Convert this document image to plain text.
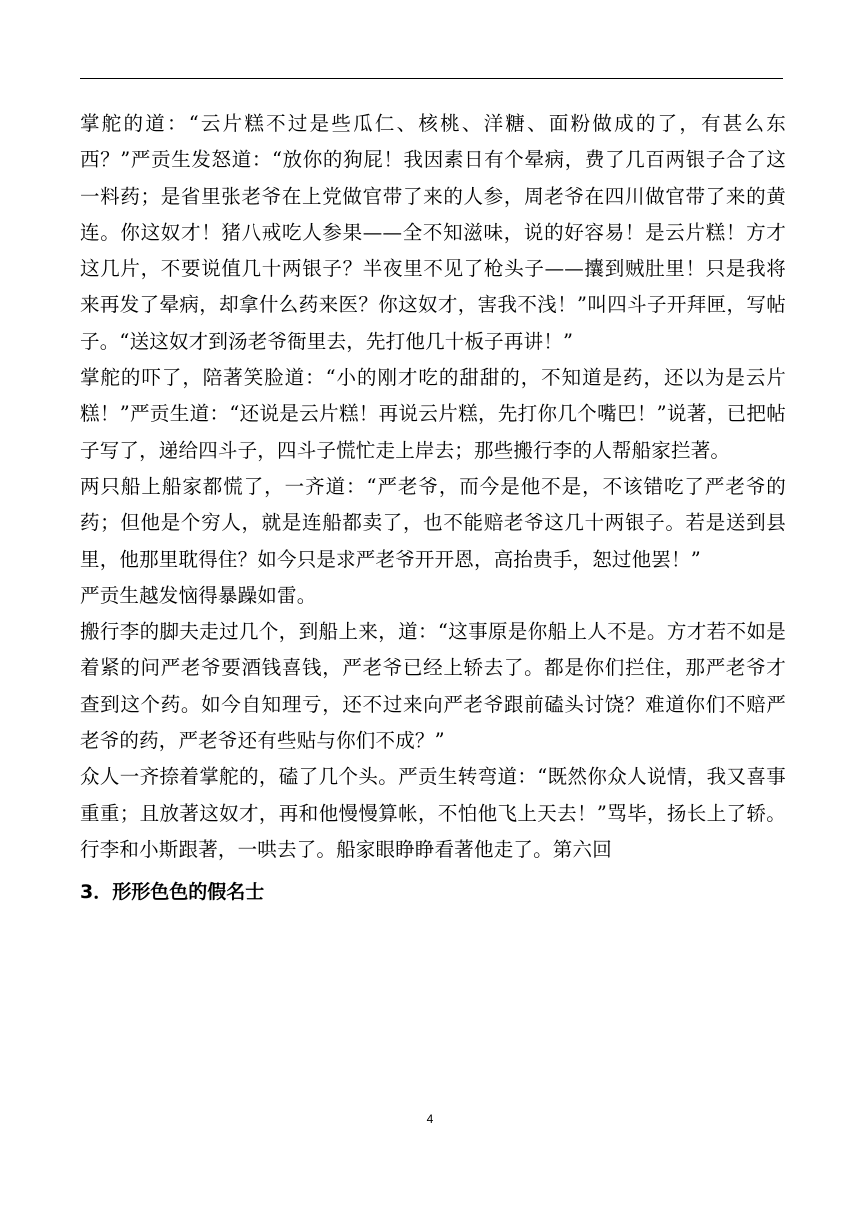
掌舵的道：“云片糕不过是些瓜仁、核桃、洋糖、面粉做成的了，有甚么东西？”严贡生发怒道：“放你的狗屁！我因素日有个晕病，费了几百两银子合了这一料药；是省里张老爷在上党做官带了来的人参，周老爷在四川做官带了来的黄连。你这奴才！猪八戒吃人参果——全不知滋味，说的好容易！是云片糕！方才这几片，不要说值几十两银子？半夜里不见了枪头子——攮到贼肚里！只是我将来再发了晕病，却拿什么药来医？你这奴才，害我不浅！”叫四斗子开拜匣，写帖子。“送这奴才到汤老爷衙里去，先打他几十板子再讲！”

掌舵的吓了，陪著笑脸道：“小的刚才吃的甜甜的，不知道是药，还以为是云片糕！”严贡生道：“还说是云片糕！再说云片糕，先打你几个嘴巴！”说著，已把帖子写了，递给四斗子，四斗子慌忙走上岸去；那些搬行李的人帮船家拦著。

两只船上船家都慌了，一齐道：“严老爷，而今是他不是，不该错吃了严老爷的药；但他是个穷人，就是连船都卖了，也不能赔老爷这几十两银子。若是送到县里，他那里耽得住？如今只是求严老爷开开恩，高抬贵手，恕过他罢！”

严贡生越发恼得暴躁如雷。

搬行李的脚夫走过几个，到船上来，道：“这事原是你船上人不是。方才若不如是着紧的问严老爷要酒钱喜钱，严老爷已经上轿去了。都是你们拦住，那严老爷才查到这个药。如今自知理亏，还不过来向严老爷跟前磕头讨饶？难道你们不赔严老爷的药，严老爷还有些贴与你们不成？”

众人一齐捺着掌舵的，磕了几个头。严贡生转弯道：“既然你众人说情，我又喜事重重；且放著这奴才，再和他慢慢算帐，不怕他飞上天去！”骂毕，扬长上了轿。行李和小斯跟著，一哄去了。船家眼睁睁看著他走了。第六回

3．形形色色的假名士

4
